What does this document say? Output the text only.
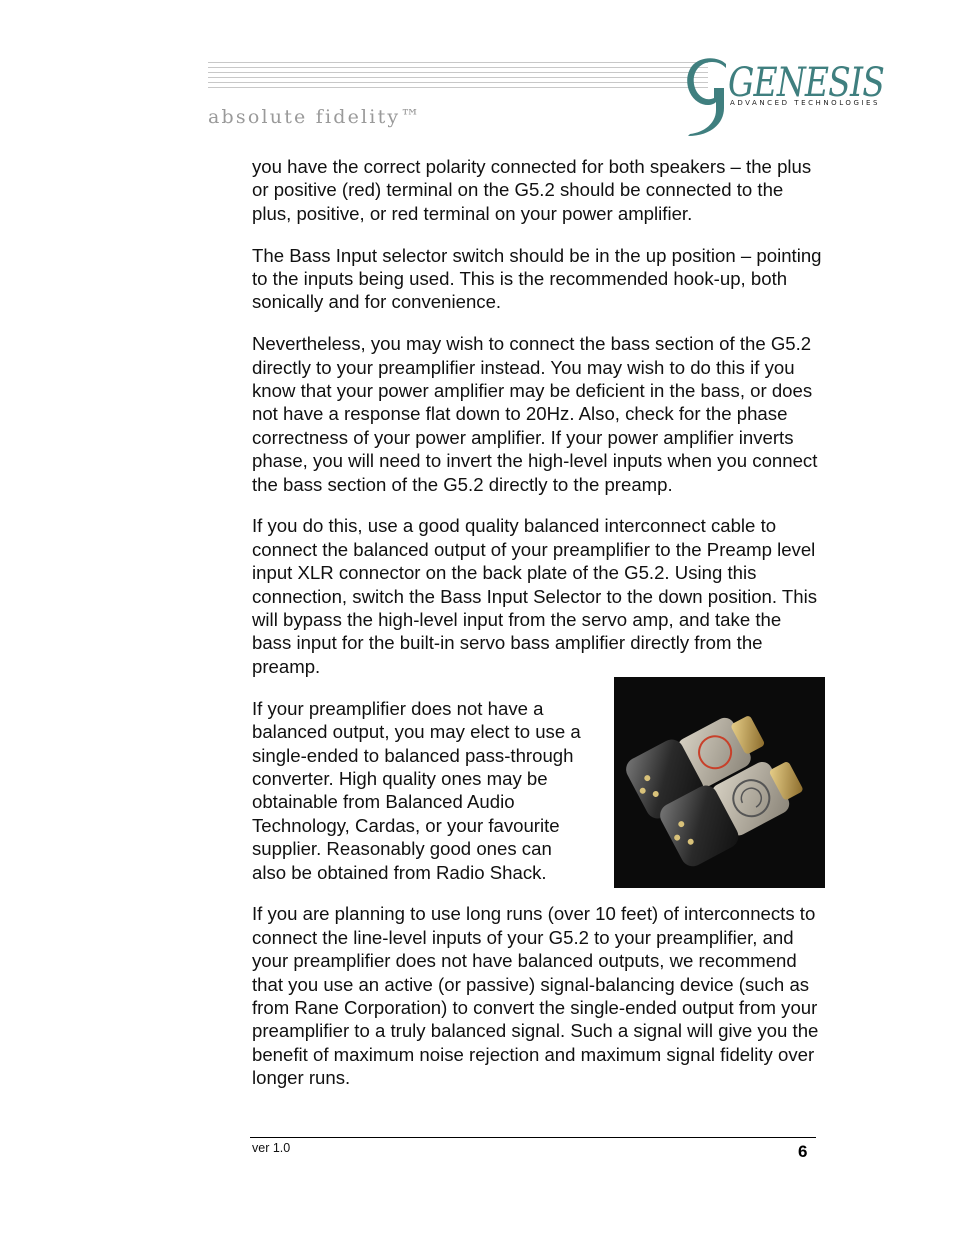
absolute fidelity™
GENESIS
ADVANCED TECHNOLOGIES

you have the correct polarity connected for both speakers – the plus or positive (red) terminal on the G5.2 should be connected to the plus, positive, or red terminal on your power amplifier.

The Bass Input selector switch should be in the up position – pointing to the inputs being used. This is the recommended hook-up, both sonically and for convenience.

Nevertheless, you may wish to connect the bass section of the G5.2 directly to your preamplifier instead. You may wish to do this if you know that your power amplifier may be deficient in the bass, or does not have a response flat down to 20Hz. Also, check for the phase correctness of your power amplifier. If your power amplifier inverts phase, you will need to invert the high-level inputs when you connect the bass section of the G5.2 directly to the preamp.

If you do this, use a good quality balanced interconnect cable to connect the balanced output of your preamplifier to the Preamp level input XLR connector on the back plate of the G5.2. Using this connection, switch the Bass Input Selector to the down position. This will bypass the high-level input from the servo amp, and take the bass input for the built-in servo bass amplifier directly from the preamp.

If your preamplifier does not have a balanced output, you may elect to use a single-ended to balanced pass-through converter. High quality ones may be obtainable from Balanced Audio Technology, Cardas, or your favourite supplier. Reasonably good ones can also be obtained from Radio Shack.

If you are planning to use long runs (over 10 feet) of interconnects to connect the line-level inputs of your G5.2 to your preamplifier, and your preamplifier does not have balanced outputs, we recommend that you use an active (or passive) signal-balancing device (such as from Rane Corporation) to convert the single-ended output from your preamplifier to a truly balanced signal. Such a signal will give you the benefit of maximum noise rejection and maximum signal fidelity over longer runs.

ver 1.0	6
